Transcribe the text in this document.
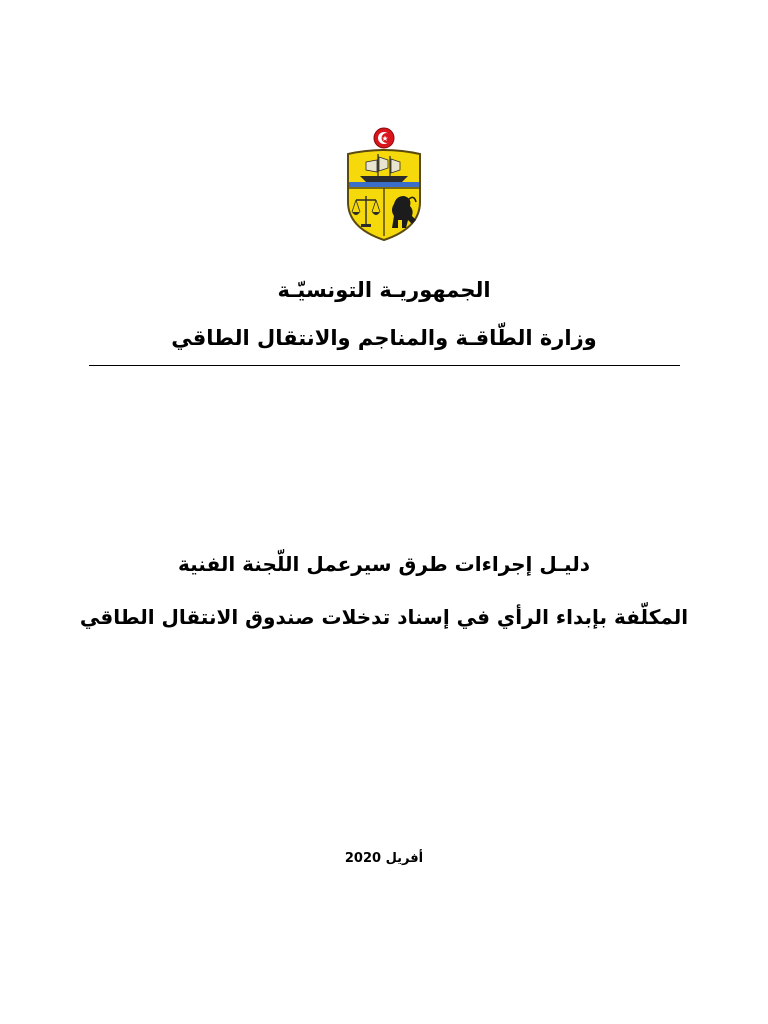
الجمهوريـة التونسيّـة
وزارة الطّاقـة والمناجم والانتقال الطاقي
دليـل إجراءات طرق سيرعمل اللّجنة الفنية
المكلّفة بإبداء الرأي في إسناد تدخلات صندوق الانتقال الطاقي
أفريل 2020
